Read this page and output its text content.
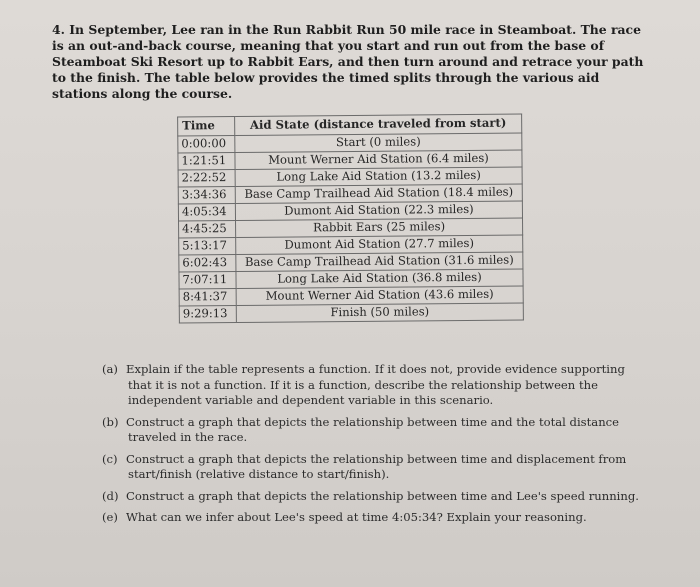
4. In September, Lee ran in the Run Rabbit Run 50 mile race in Steamboat. The race is an out-and-back course, meaning that you start and run out from the base of Steamboat Ski Resort up to Rabbit Ears, and then turn around and retrace your path to the finish. The table below provides the timed splits through the various aid stations along the course.

Time	Aid State (distance traveled from start)
0:00:00	Start (0 miles)
1:21:51	Mount Werner Aid Station (6.4 miles)
2:22:52	Long Lake Aid Station (13.2 miles)
3:34:36	Base Camp Trailhead Aid Station (18.4 miles)
4:05:34	Dumont Aid Station (22.3 miles)
4:45:25	Rabbit Ears (25 miles)
5:13:17	Dumont Aid Station (27.7 miles)
6:02:43	Base Camp Trailhead Aid Station (31.6 miles)
7:07:11	Long Lake Aid Station (36.8 miles)
8:41:37	Mount Werner Aid Station (43.6 miles)
9:29:13	Finish (50 miles)
(a) Explain if the table represents a function. If it does not, provide evidence supporting that it is not a function. If it is a function, describe the relationship between the independent variable and dependent variable in this scenario.
(b) Construct a graph that depicts the relationship between time and the total distance traveled in the race.
(c) Construct a graph that depicts the relationship between time and displacement from start/finish (relative distance to start/finish).
(d) Construct a graph that depicts the relationship between time and Lee's speed running.
(e) What can we infer about Lee's speed at time 4:05:34? Explain your reasoning.
